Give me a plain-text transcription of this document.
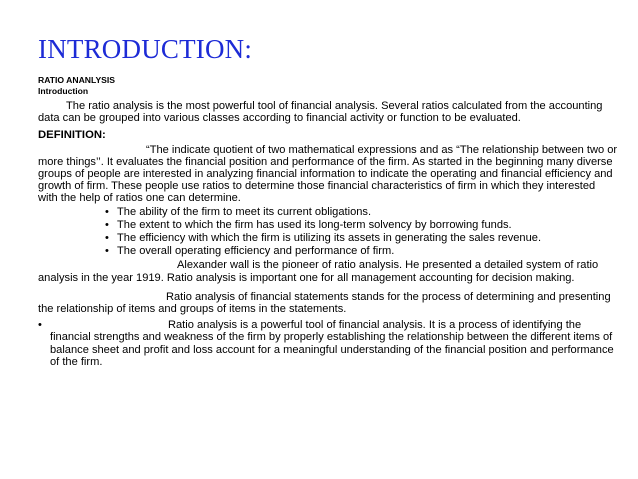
INTRODUCTION:
RATIO ANANLYSIS
Introduction

The ratio analysis is the most powerful tool of financial analysis. Several ratios calculated from the accounting data can be grouped into various classes according to financial activity or function to be evaluated.

DEFINITION:

“The indicate quotient of two mathematical expressions and as “The relationship between two or more things’’. It evaluates the financial position and performance of the firm. As started in the beginning many diverse groups of people are interested in analyzing financial information to indicate the operating and financial efficiency and growth of firm. These people use ratios to determine those financial characteristics of firm in which they interested with the help of ratios one can determine.

• The ability of the firm to meet its current obligations.
• The extent to which the firm has used its long-term solvency by borrowing funds.
• The efficiency with which the firm is utilizing its assets in generating the sales revenue.
• The overall operating efficiency and performance of firm.

Alexander wall is the pioneer of ratio analysis. He presented a detailed system of ratio analysis in the year 1919. Ratio analysis is important one for all management accounting for decision making.

Ratio analysis of financial statements stands for the process of determining and presenting the relationship of items and groups of items in the statements.

•	Ratio analysis is a powerful tool of financial analysis. It is a process of identifying the financial strengths and weakness of the firm by properly establishing the relationship between the different items of balance sheet and profit and loss account for a meaningful understanding of the financial position and performance of the firm.
